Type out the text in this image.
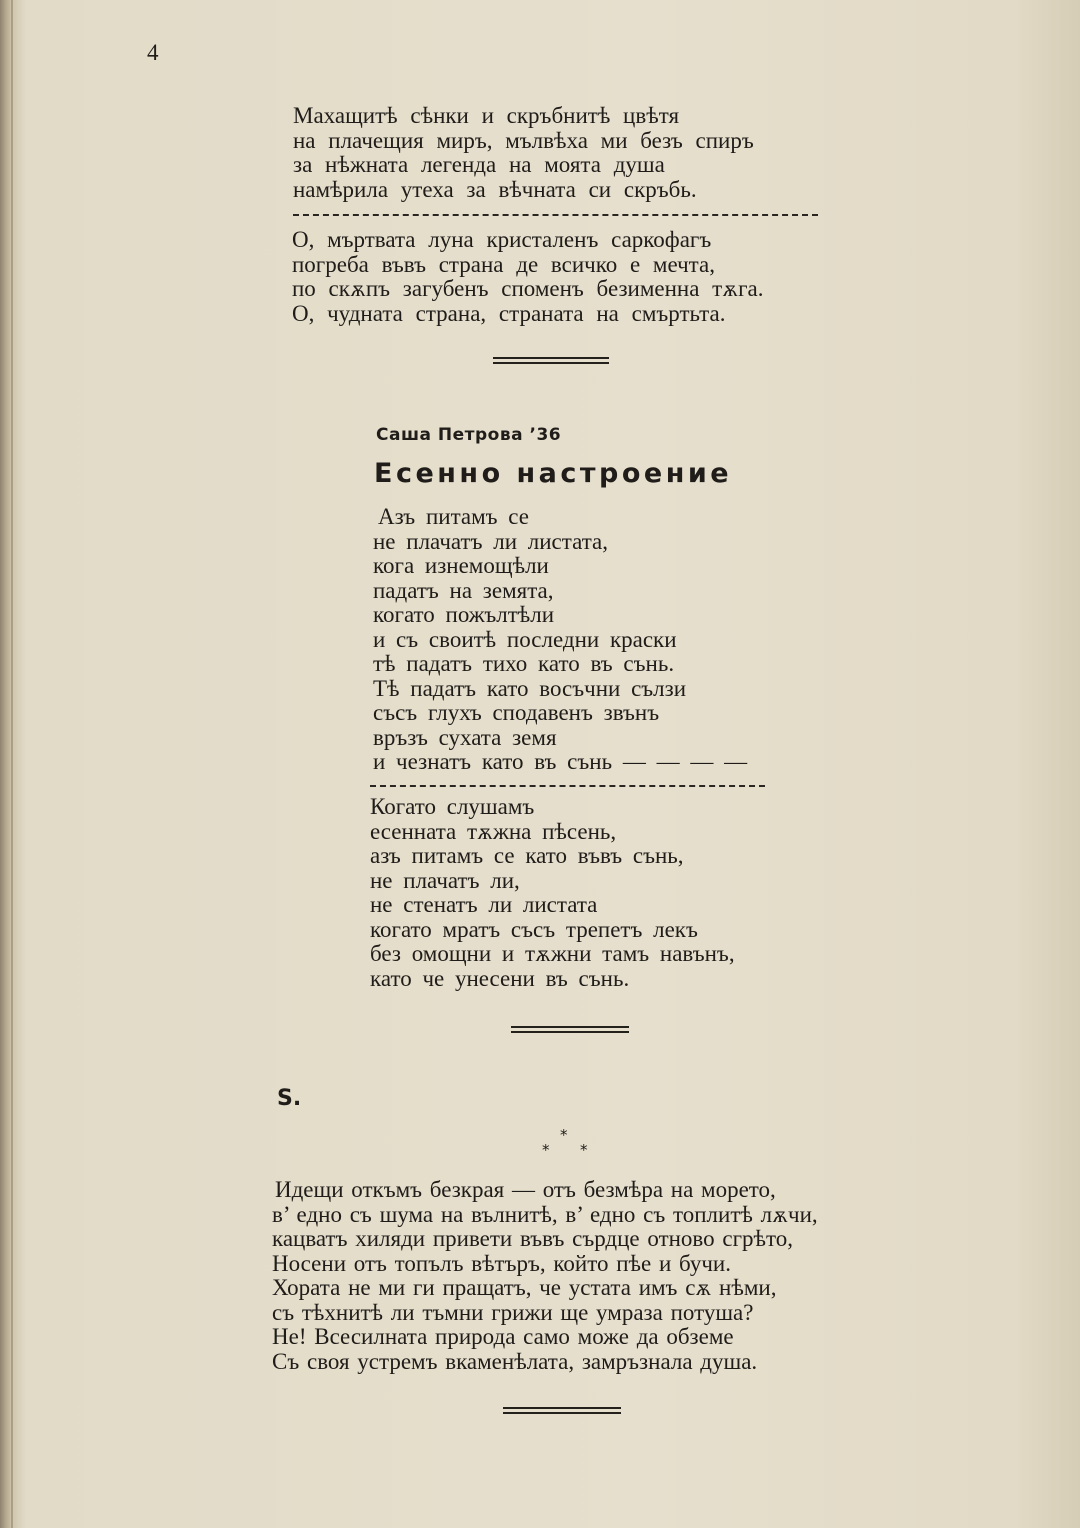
4
Махащитѣ сѣнки и скръбнитѣ цвѣтя
на плачещия миръ, мълвѣха ми безъ спиръ
за нѣжната легенда на моята душа
намѣрила утеха за вѣчната си скръбь.
О, мъртвата луна кристаленъ саркофагъ
погреба въвъ страна де всичко е мечта,
по скѫпъ загубенъ споменъ безименна тѫга.
О, чудната страна, страната на смъртьта.
Саша Петрова ’36
Есенно настроение
Азъ питамъ се
не плачатъ ли листата,
кога изнемощѣли
падатъ на земята,
когато пожълтѣли
и съ своитѣ последни краски
тѣ падатъ тихо като въ сънь.
Тѣ падатъ като восъчни сълзи
съсъ глухъ сподавенъ звънъ
връзъ сухата земя
и чезнатъ като въ сънь — — — —
Когато слушамъ
есенната тѫжна пѣсень,
азъ питамъ се като въвъ сънь,
не плачатъ ли,
не стенатъ ли листата
когато мратъ съсъ трепетъ лекъ
без омощни и тѫжни тамъ навънъ,
като че унесени въ сънь.
S.
*
* *
Идещи откъмъ безкрая — отъ безмѣра на морето,
в’ едно съ шума на вълнитѣ, в’ едно съ топлитѣ лѫчи,
кацватъ хиляди привети въвъ сърдце отново сгрѣто,
Носени отъ топълъ вѣтъръ, който пѣе и бучи.
Хората не ми ги пращатъ, че устата имъ сѫ нѣми,
съ тѣхнитѣ ли тъмни грижи ще умраза потуша?
Не! Всесилната природа само може да обземе
Съ своя устремъ вкаменѣлата, замръзнала душа.
